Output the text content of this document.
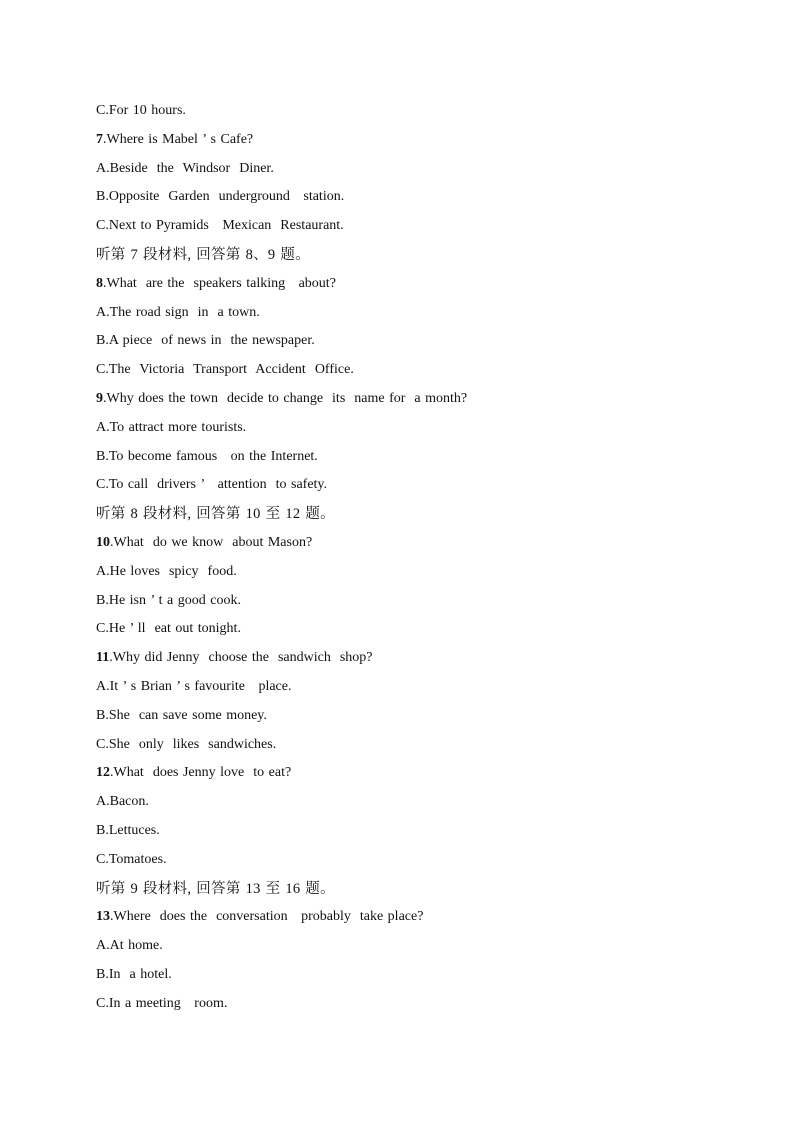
C.For 10 hours.
7.Where is Mabel ’ s Cafe?
A.Beside  the  Windsor  Diner.
B.Opposite  Garden  underground   station.
C.Next to Pyramids   Mexican  Restaurant.
听第 7 段材料, 回答第 8、9 题。
8.What  are the  speakers talking   about?
A.The road sign  in  a town.
B.A piece  of news in  the newspaper.
C.The  Victoria  Transport  Accident  Office.
9.Why does the town  decide to change  its  name for  a month?
A.To attract more tourists.
B.To become famous   on the Internet.
C.To call  drivers ’   attention  to safety.
听第 8 段材料, 回答第 10 至 12 题。
10.What  do we know  about Mason?
A.He loves  spicy  food.
B.He isn ’ t a good cook.
C.He ’ ll  eat out tonight.
11.Why did Jenny  choose the  sandwich  shop?
A.It ’ s Brian ’ s favourite   place.
B.She  can save some money.
C.She  only  likes  sandwiches.
12.What  does Jenny love  to eat?
A.Bacon.
B.Lettuces.
C.Tomatoes.
听第 9 段材料, 回答第 13 至 16 题。
13.Where  does the  conversation   probably  take place?
A.At home.
B.In  a hotel.
C.In a meeting   room.
